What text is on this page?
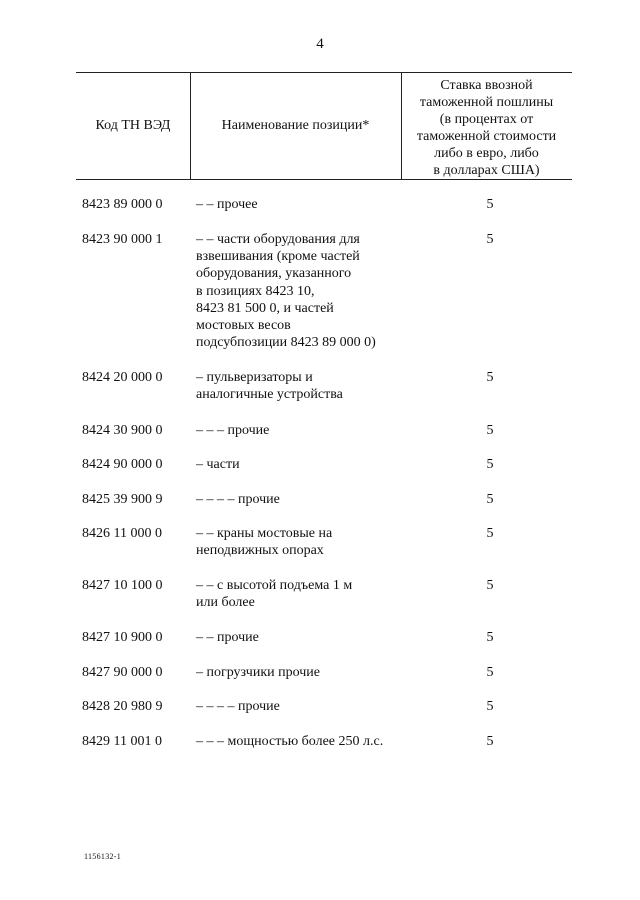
4
Код ТН ВЭД	Наименование позиции*
Ставка ввозной
таможенной пошлины
(в процентах от
таможенной стоимости
либо в евро, либо
в долларах США)
8423 89 000 0	– – прочее	5
8423 90 000 1	– – части оборудования для
взвешивания (кроме частей
оборудования, указанного
в позициях 8423 10,
8423 81 500 0, и частей
мостовых весов
подсубпозиции 8423 89 000 0)
5
8424 20 000 0	– пульверизаторы и
аналогичные устройства
5
8424 30 900 0	– – – прочие	5
8424 90 000 0	– части	5
8425 39 900 9	– – – – прочие	5
8426 11 000 0	– – краны мостовые на
неподвижных опорах
5
8427 10 100 0	– – с высотой подъема 1 м
или более
5
8427 10 900 0	– – прочие	5
8427 90 000 0	– погрузчики прочие	5
8428 20 980 9	– – – – прочие	5
8429 11 001 0	– – – мощностью более 250 л.с.	5
1156132-1
